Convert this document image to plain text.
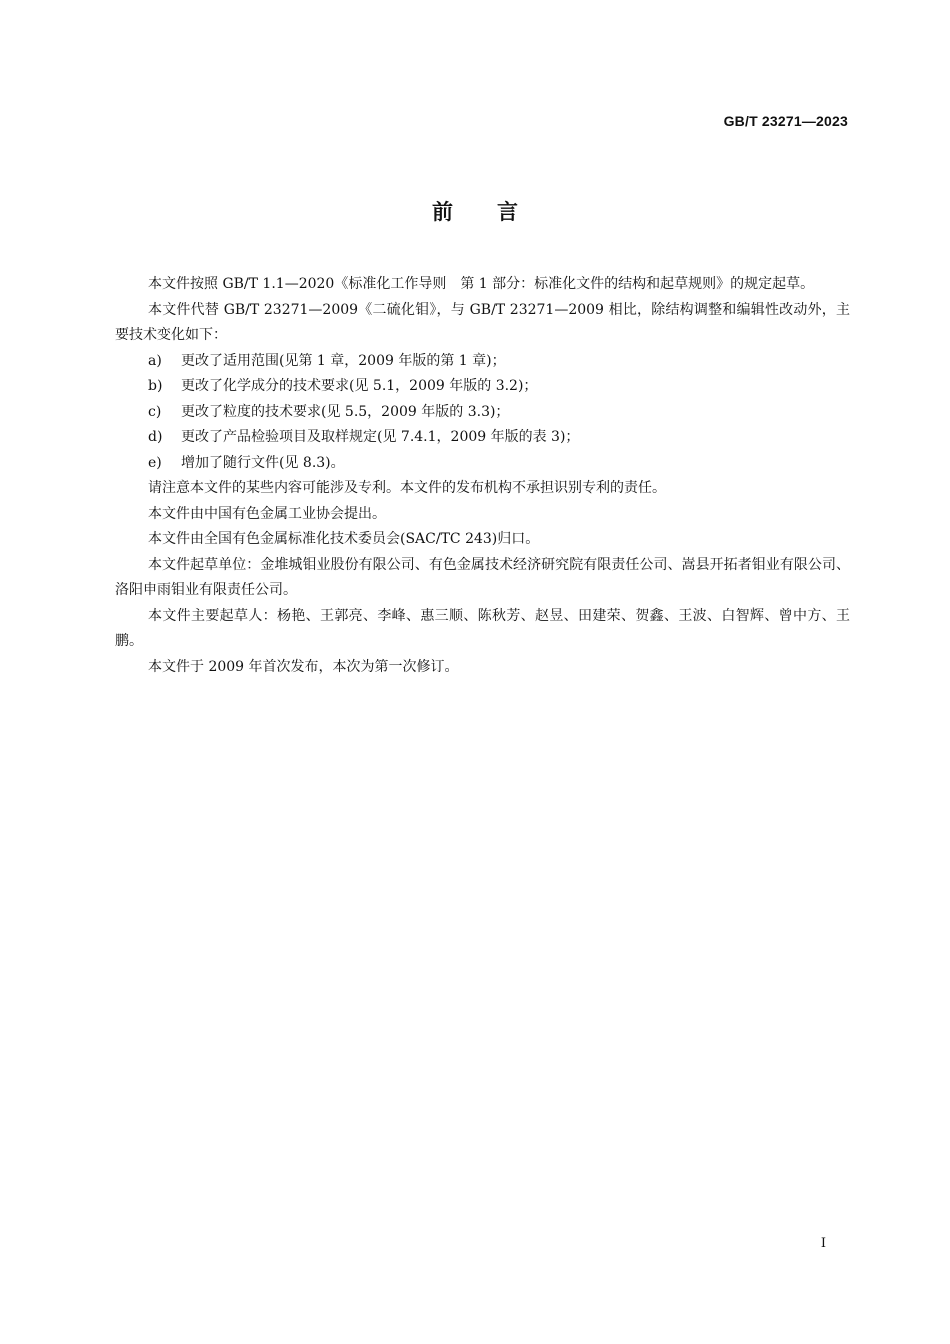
GB/T 23271—2023
前言

本文件按照 GB/T 1.1—2020《标准化工作导则　第 1 部分：标准化文件的结构和起草规则》的规定起草。

本文件代替 GB/T 23271—2009《二硫化钼》，与 GB/T 23271—2009 相比，除结构调整和编辑性改动外，主要技术变化如下：

a) 更改了适用范围(见第 1 章，2009 年版的第 1 章)；
b) 更改了化学成分的技术要求(见 5.1，2009 年版的 3.2)；
c) 更改了粒度的技术要求(见 5.5，2009 年版的 3.3)；
d) 更改了产品检验项目及取样规定(见 7.4.1，2009 年版的表 3)；
e) 增加了随行文件(见 8.3)。

请注意本文件的某些内容可能涉及专利。本文件的发布机构不承担识别专利的责任。

本文件由中国有色金属工业协会提出。

本文件由全国有色金属标准化技术委员会(SAC/TC 243)归口。

本文件起草单位：金堆城钼业股份有限公司、有色金属技术经济研究院有限责任公司、嵩县开拓者钼业有限公司、洛阳申雨钼业有限责任公司。

本文件主要起草人：杨艳、王郭亮、李峰、惠三顺、陈秋芳、赵昱、田建荣、贺鑫、王波、白智辉、曾中方、王鹏。

本文件于 2009 年首次发布，本次为第一次修订。

I
